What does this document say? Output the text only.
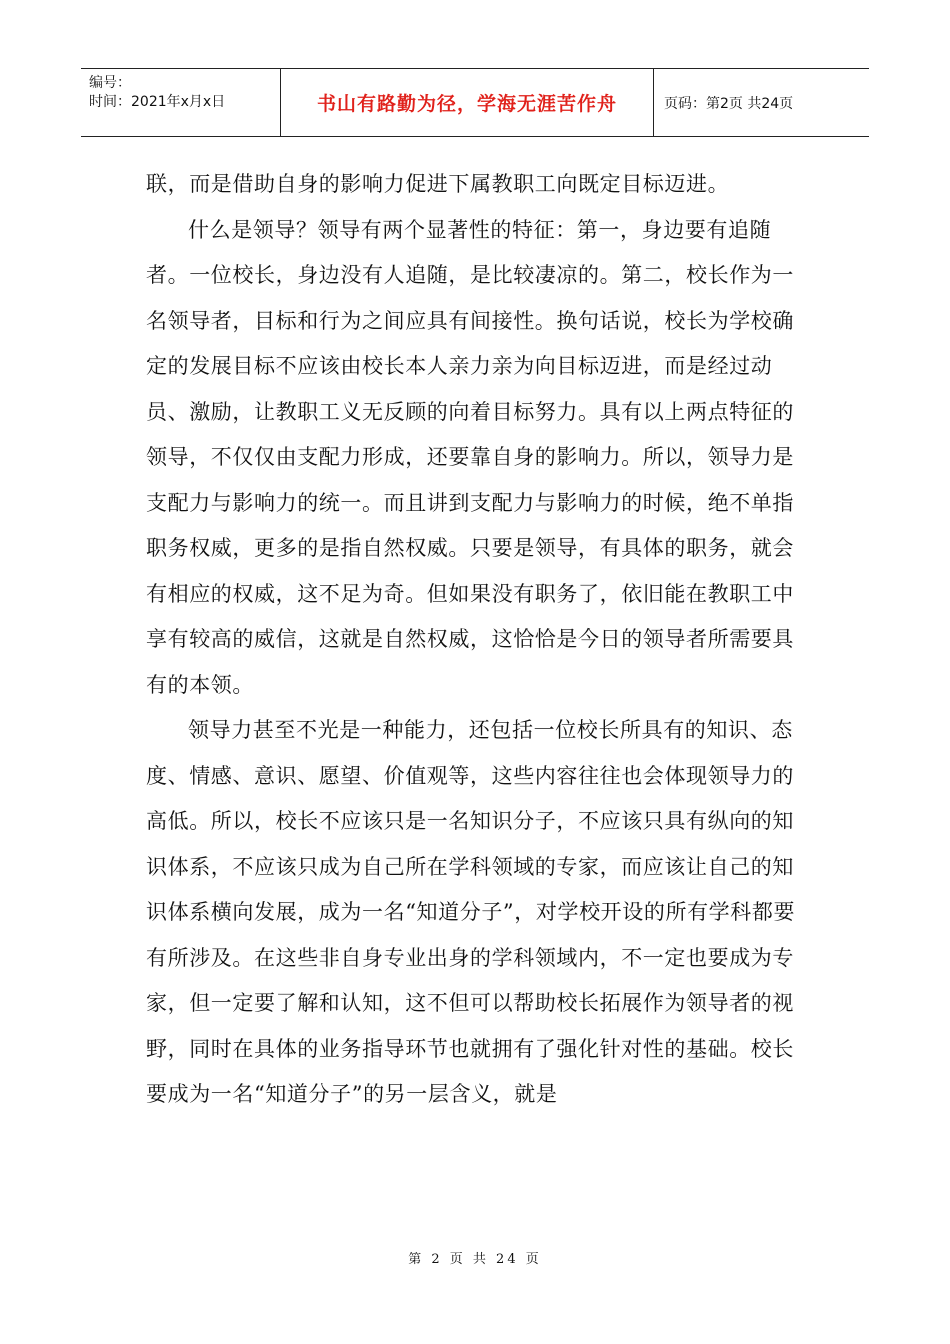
编号：
时间：2021年x月x日	书山有路勤为径，学海无涯苦作舟	页码：第2页 共24页

联，而是借助自身的影响力促进下属教职工向既定目标迈进。

什么是领导？领导有两个显著性的特征：第一，身边要有追随者。一位校长，身边没有人追随，是比较凄凉的。第二，校长作为一名领导者，目标和行为之间应具有间接性。换句话说，校长为学校确定的发展目标不应该由校长本人亲力亲为向目标迈进，而是经过动员、激励，让教职工义无反顾的向着目标努力。具有以上两点特征的领导，不仅仅由支配力形成，还要靠自身的影响力。所以，领导力是支配力与影响力的统一。而且讲到支配力与影响力的时候，绝不单指职务权威，更多的是指自然权威。只要是领导，有具体的职务，就会有相应的权威，这不足为奇。但如果没有职务了，依旧能在教职工中享有较高的威信，这就是自然权威，这恰恰是今日的领导者所需要具有的本领。

领导力甚至不光是一种能力，还包括一位校长所具有的知识、态度、情感、意识、愿望、价值观等，这些内容往往也会体现领导力的高低。所以，校长不应该只是一名知识分子，不应该只具有纵向的知识体系，不应该只成为自己所在学科领域的专家，而应该让自己的知识体系横向发展，成为一名“知道分子”，对学校开设的所有学科都要有所涉及。在这些非自身专业出身的学科领域内，不一定也要成为专家，但一定要了解和认知，这不但可以帮助校长拓展作为领导者的视野，同时在具体的业务指导环节也就拥有了强化针对性的基础。校长要成为一名“知道分子”的另一层含义，就是

第 2 页 共 24 页
